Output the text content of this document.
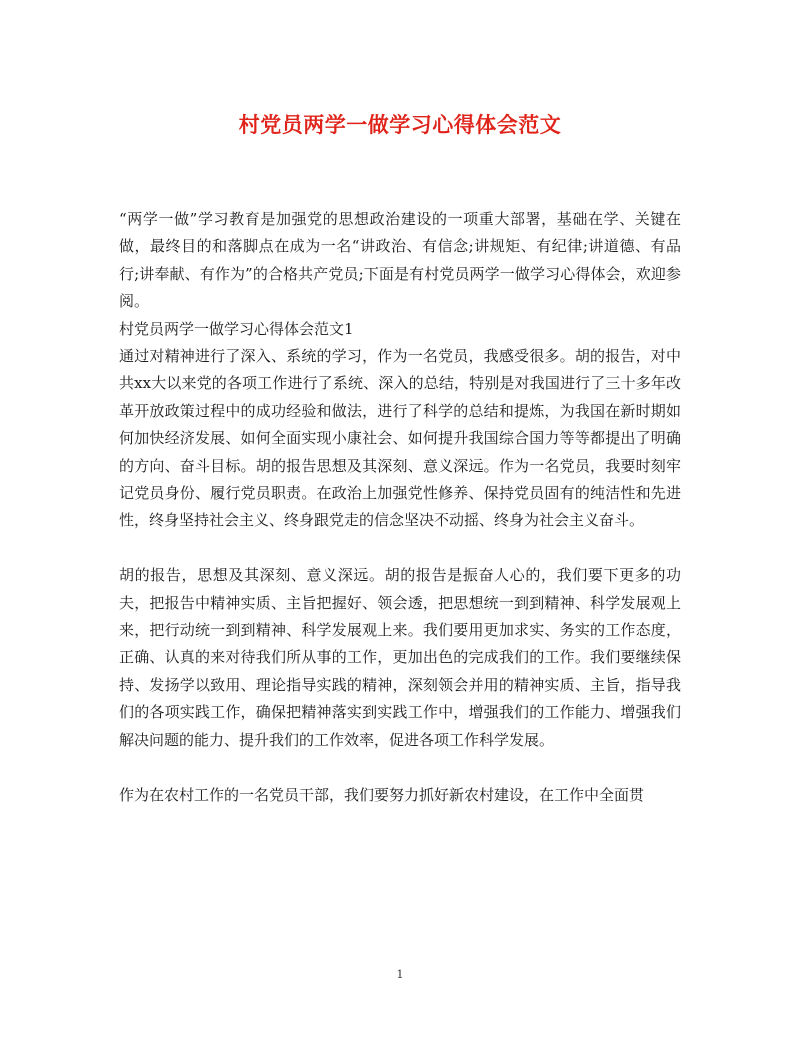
村党员两学一做学习心得体会范文

“两学一做”学习教育是加强党的思想政治建设的一项重大部署，基础在学、关键在做，最终目的和落脚点在成为一名“讲政治、有信念;讲规矩、有纪律;讲道德、有品行;讲奉献、有作为”的合格共产党员;下面是有村党员两学一做学习心得体会，欢迎参阅。

村党员两学一做学习心得体会范文1

通过对精神进行了深入、系统的学习，作为一名党员，我感受很多。胡的报告，对中共xx大以来党的各项工作进行了系统、深入的总结，特别是对我国进行了三十多年改革开放政策过程中的成功经验和做法，进行了科学的总结和提炼，为我国在新时期如何加快经济发展、如何全面实现小康社会、如何提升我国综合国力等等都提出了明确的方向、奋斗目标。胡的报告思想及其深刻、意义深远。作为一名党员，我要时刻牢记党员身份、履行党员职责。在政治上加强党性修养、保持党员固有的纯洁性和先进性，终身坚持社会主义、终身跟党走的信念坚决不动摇、终身为社会主义奋斗。

胡的报告，思想及其深刻、意义深远。胡的报告是振奋人心的，我们要下更多的功夫，把报告中精神实质、主旨把握好、领会透，把思想统一到到精神、科学发展观上来，把行动统一到到精神、科学发展观上来。我们要用更加求实、务实的工作态度，正确、认真的来对待我们所从事的工作，更加出色的完成我们的工作。我们要继续保持、发扬学以致用、理论指导实践的精神，深刻领会并用的精神实质、主旨，指导我们的各项实践工作，确保把精神落实到实践工作中，增强我们的工作能力、增强我们解决问题的能力、提升我们的工作效率，促进各项工作科学发展。

作为在农村工作的一名党员干部，我们要努力抓好新农村建设，在工作中全面贯

1
